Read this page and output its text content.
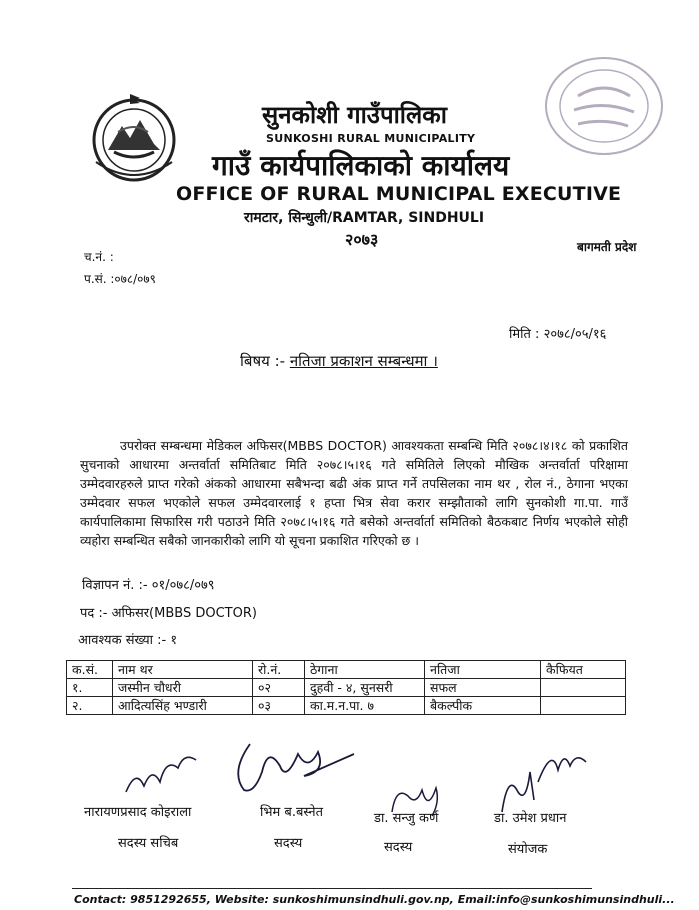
सुनकोशी गाउँपालिका
SUNKOSHI RURAL MUNICIPALITY
गाउँ कार्यपालिकाको कार्यालय
OFFICE OF RURAL MUNICIPAL EXECUTIVE
रामटार, सिन्धुली/RAMTAR, SINDHULI
२०७३	बागमती प्रदेश
च.नं. :
प.सं. :०७८/०७९
मिति : २०७८/०५/१६
बिषय :- नतिजा प्रकाशन सम्बन्धमा ।
उपरोक्त सम्बन्धमा मेडिकल अफिसर(MBBS DOCTOR) आवश्यकता सम्बन्धि मिति २०७८।४।१८ को प्रकाशित सुचनाको आधारमा अन्तर्वार्ता समितिबाट मिति २०७८।५।१६ गते समितिले लिएको मौखिक अन्तर्वार्ता परिक्षामा उम्मेदवारहरुले प्राप्त गरेको अंकको आधारमा सबैभन्दा बढी अंक प्राप्त गर्ने तपसिलका नाम थर , रोल नं., ठेगाना भएका उम्मेदवार सफल भएकोले सफल उम्मेदवारलाई १ हप्ता भित्र सेवा करार सम्झौताको लागि सुनकोशी गा.पा. गाउँ कार्यपालिकामा सिफारिस गरी पठाउने मिति २०७८।५।१६ गते बसेको अन्तर्वार्ता समितिको बैठकबाट निर्णय भएकोले सोही व्यहोरा सम्बन्धित सबैको जानकारीको लागि यो सूचना प्रकाशित गरिएको छ ।
विज्ञापन नं. :- ०१/०७८/०७९
पद :- अफिसर(MBBS DOCTOR)
आवश्यक संख्या :- १
क.सं.	नाम थर	रो.नं.	ठेगाना	नतिजा	कैफियत
१.	जस्मीन चौधरी	०२	दुहवी - ४, सुनसरी	सफल	
२.	आदित्यसिंह भण्डारी	०३	का.म.न.पा. ७	बैकल्पीक	
नारायणप्रसाद कोइराला
सदस्य सचिब
भिम ब.बस्नेत
सदस्य
डा. सन्जु कर्ण
सदस्य
डा. उमेश प्रधान
संयोजक
Contact: 9851292655, Website: sunkoshimunsindhuli.gov.np, Email:info@sunkoshimunsindhuli...
